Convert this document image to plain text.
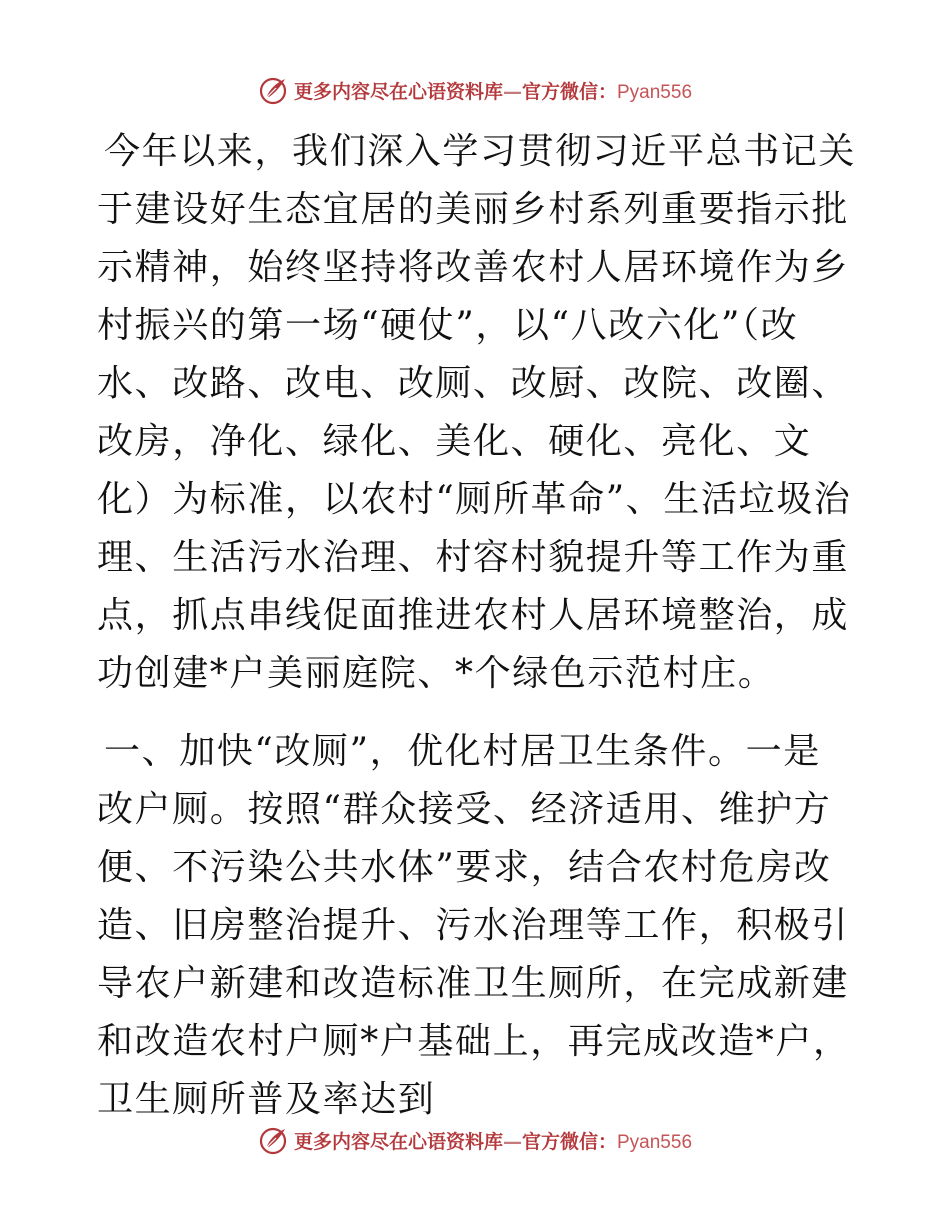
更多内容尽在心语资料库—官方微信：Pyan556

今年以来，我们深入学习贯彻习近平总书记关于建设好生态宜居的美丽乡村系列重要指示批示精神，始终坚持将改善农村人居环境作为乡村振兴的第一场“硬仗”，以“八改六化”（改水、改路、改电、改厕、改厨、改院、改圈、改房，净化、绿化、美化、硬化、亮化、文化）为标准，以农村“厕所革命”、生活垃圾治理、生活污水治理、村容村貌提升等工作为重点，抓点串线促面推进农村人居环境整治，成功创建*户美丽庭院、*个绿色示范村庄。

一、加快“改厕”，优化村居卫生条件。一是改户厕。按照“群众接受、经济适用、维护方便、不污染公共水体”要求，结合农村危房改造、旧房整治提升、污水治理等工作，积极引导农户新建和改造标准卫生厕所，在完成新建和改造农村户厕*户基础上，再完成改造*户，卫生厕所普及率达到

更多内容尽在心语资料库—官方微信：Pyan556
